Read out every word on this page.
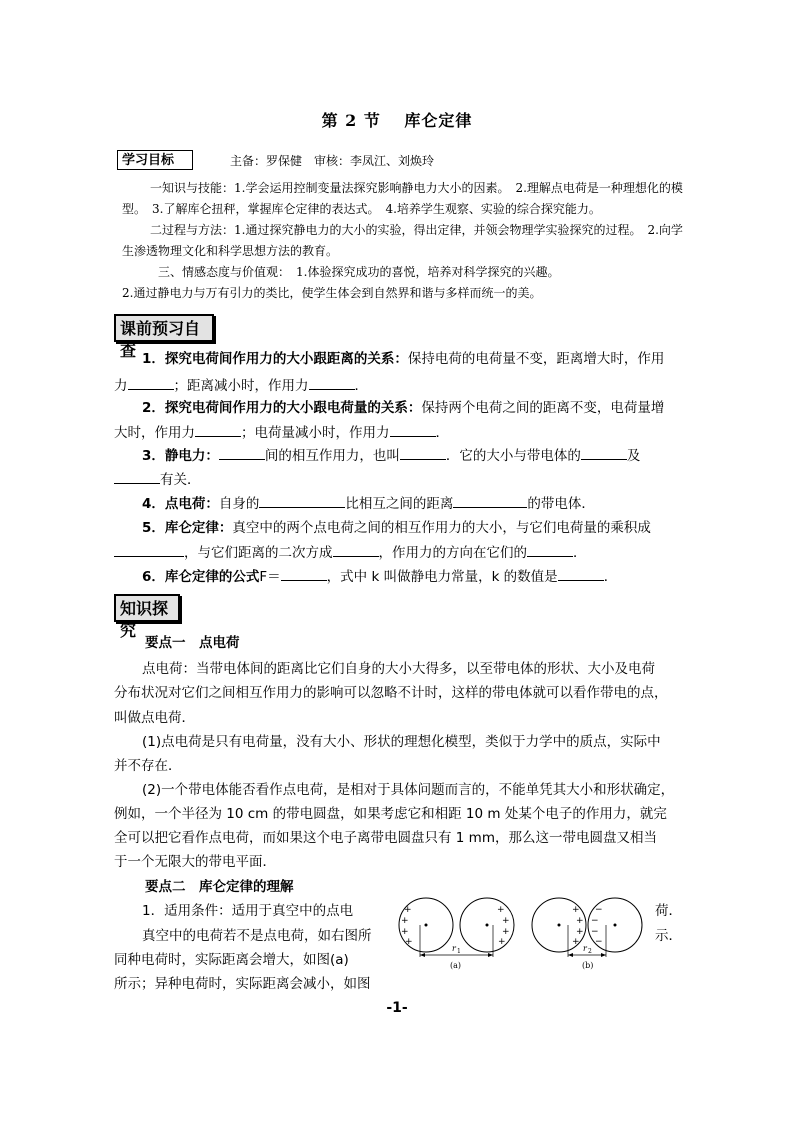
第 2 节  库仑定律
学习目标	主备：罗保健　审核：李凤江、刘焕玲
一知识与技能：1.学会运用控制变量法探究影响静电力大小的因素。　2.理解点电荷是一种理想化的模
型。　3.了解库仑扭秤，掌握库仑定律的表达式。　4.培养学生观察、实验的综合探究能力。
二过程与方法：1.通过探究静电力的大小的实验，得出定律，并领会物理学实验探究的过程。　2.向学
生渗透物理文化和科学思想方法的教育。
三、情感态度与价值观：　1.体验探究成功的喜悦，培养对科学探究的兴趣。
2.通过静电力与万有引力的类比，使学生体会到自然界和谐与多样而统一的美。
课前预习自查 1．探究电荷间作用力的大小跟距离的关系：保持电荷的电荷量不变，距离增大时，作用
力	；距离减小时，作用力	．
2．探究电荷间作用力的大小跟电荷量的关系：保持两个电荷之间的距离不变，电荷量增
大时，作用力	；电荷量减小时，作用力	．
3．静电力：	间的相互作用力，也叫	．它的大小与带电体的	及
有关．
4．点电荷：自身的	比相互之间的距离	的带电体．
5．库仑定律：真空中的两个点电荷之间的相互作用力的大小，与它们电荷量的乘积成
，与它们距离的二次方成	，作用力的方向在它们的	．
6．库仑定律的公式F＝	，式中 k 叫做静电力常量，k 的数值是	．
知识探究
要点一　点电荷
点电荷：当带电体间的距离比它们自身的大小大得多，以至带电体的形状、大小及电荷
分布状况对它们之间相互作用力的影响可以忽略不计时，这样的带电体就可以看作带电的点，
叫做点电荷．
(1)点电荷是只有电荷量，没有大小、形状的理想化模型，类似于力学中的质点，实际中
并不存在．
(2)一个带电体能否看作点电荷，是相对于具体问题而言的，不能单凭其大小和形状确定，
例如，一个半径为 10 cm 的带电圆盘，如果考虑它和相距 10 m 处某个电子的作用力，就完
全可以把它看作点电荷，而如果这个电子离带电圆盘只有 1 mm，那么这一带电圆盘又相当
于一个无限大的带电平面．
要点二　库仑定律的理解
1．适用条件：适用于真空中的点电	荷．
真空中的电荷若不是点电荷，如右图所	示．
同种电荷时，实际距离会增大，如图(a)
所示；异种电荷时，实际距离会减小，如图
+
+
+
+
+
+
+
+
r 1
(a)
+
+
+
+
−
−
−
−
r 2
(b)
-1-
